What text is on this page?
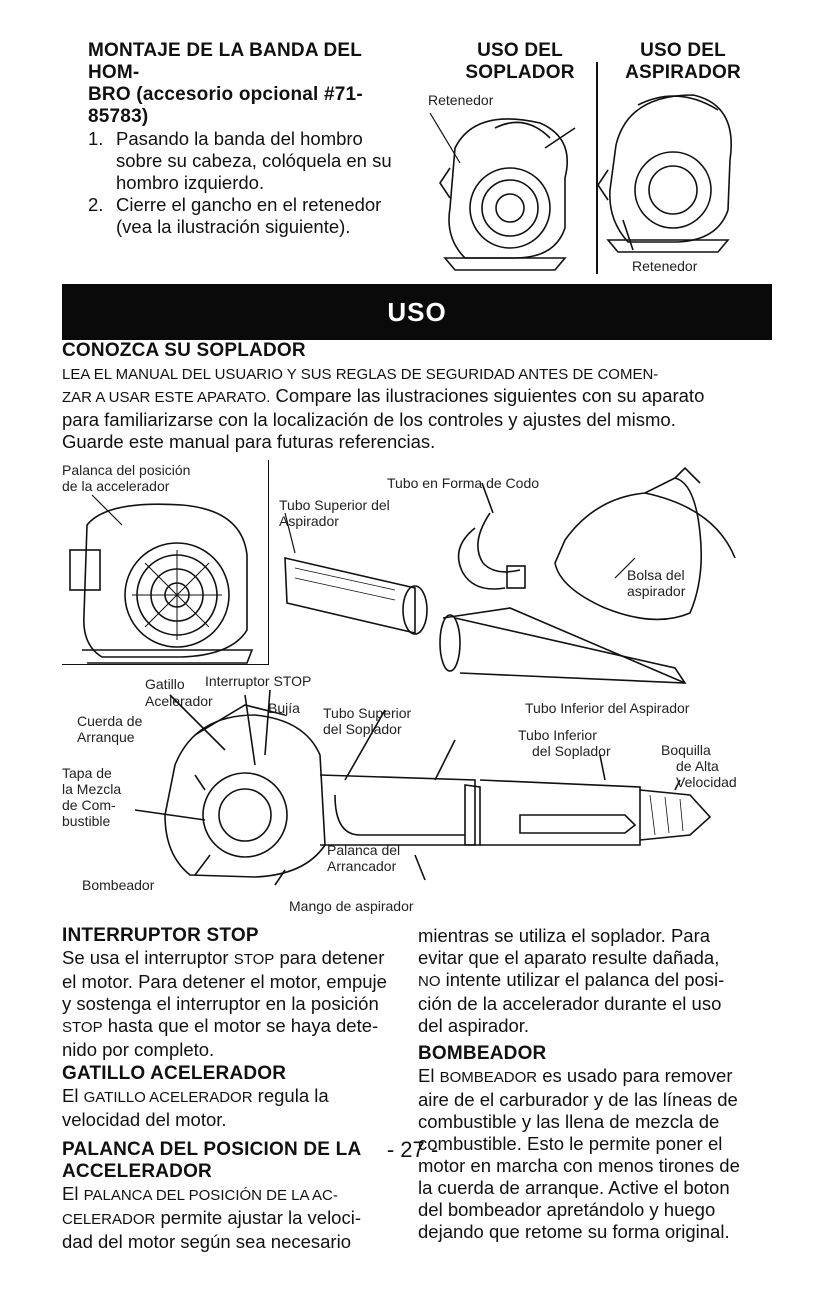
MONTAJE DE LA BANDA DEL HOM-
BRO (accesorio opcional #71-85783)
1. Pasando la banda del hombro
sobre su cabeza, colóquela en su
hombro izquierdo.
2. Cierre el gancho en el retenedor
(vea la ilustración siguiente).
USO DEL
SOPLADOR
Retenedor
USO DEL
ASPIRADOR
Retenedor
USO
CONOZCA SU SOPLADOR
LEA EL MANUAL DEL USUARIO Y SUS REGLAS DE SEGURIDAD ANTES DE COMEN-
ZAR A USAR ESTE APARATO. Compare las ilustraciones siguientes con su aparato
para familiarizarse con la localización de los controles y ajustes del mismo.
Guarde este manual para futuras referencias.
Palanca del posición
de la accelerador	Tubo en Forma de Codo
Tubo Superior del
Aspirador
Bolsa del
aspirador
Gatillo Interruptor STOP
Acelerador	Bujía Tubo Superior
del Soplador
Tubo Inferior del Aspirador
Tubo Inferior
del Soplador	Boquilla
de Alta
Velocidad
Cuerda de
Arranque
Tapa de
la Mezcla
de Com-
bustible
Palanca del
Arrancador
Bombeador
Mango de aspirador
INTERRUPTOR STOP
Se usa el interruptor STOP para detener
el motor. Para detener el motor, empuje
y sostenga el interruptor en la posición
STOP hasta que el motor se haya dete-
nido por completo.
GATILLO ACELERADOR
El GATILLO ACELERADOR regula la
velocidad del motor.
PALANCA DEL POSICION DE LA
ACCELERADOR
El PALANCA DEL POSICIÓN DE LA AC-
CELERADOR permite ajustar la veloci-
dad del motor según sea necesario
mientras se utiliza el soplador. Para
evitar que el aparato resulte dañada,
NO intente utilizar el palanca del posi-
ción de la accelerador durante el uso
del aspirador.
BOMBEADOR
El BOMBEADOR es usado para remover
aire de el carburador y de las líneas de
combustible y las llena de mezcla de
combustible. Esto le permite poner el
motor en marcha con menos tirones de
la cuerda de arranque. Active el boton
del bombeador apretándolo y huego
dejando que retome su forma original.
- 27 -
